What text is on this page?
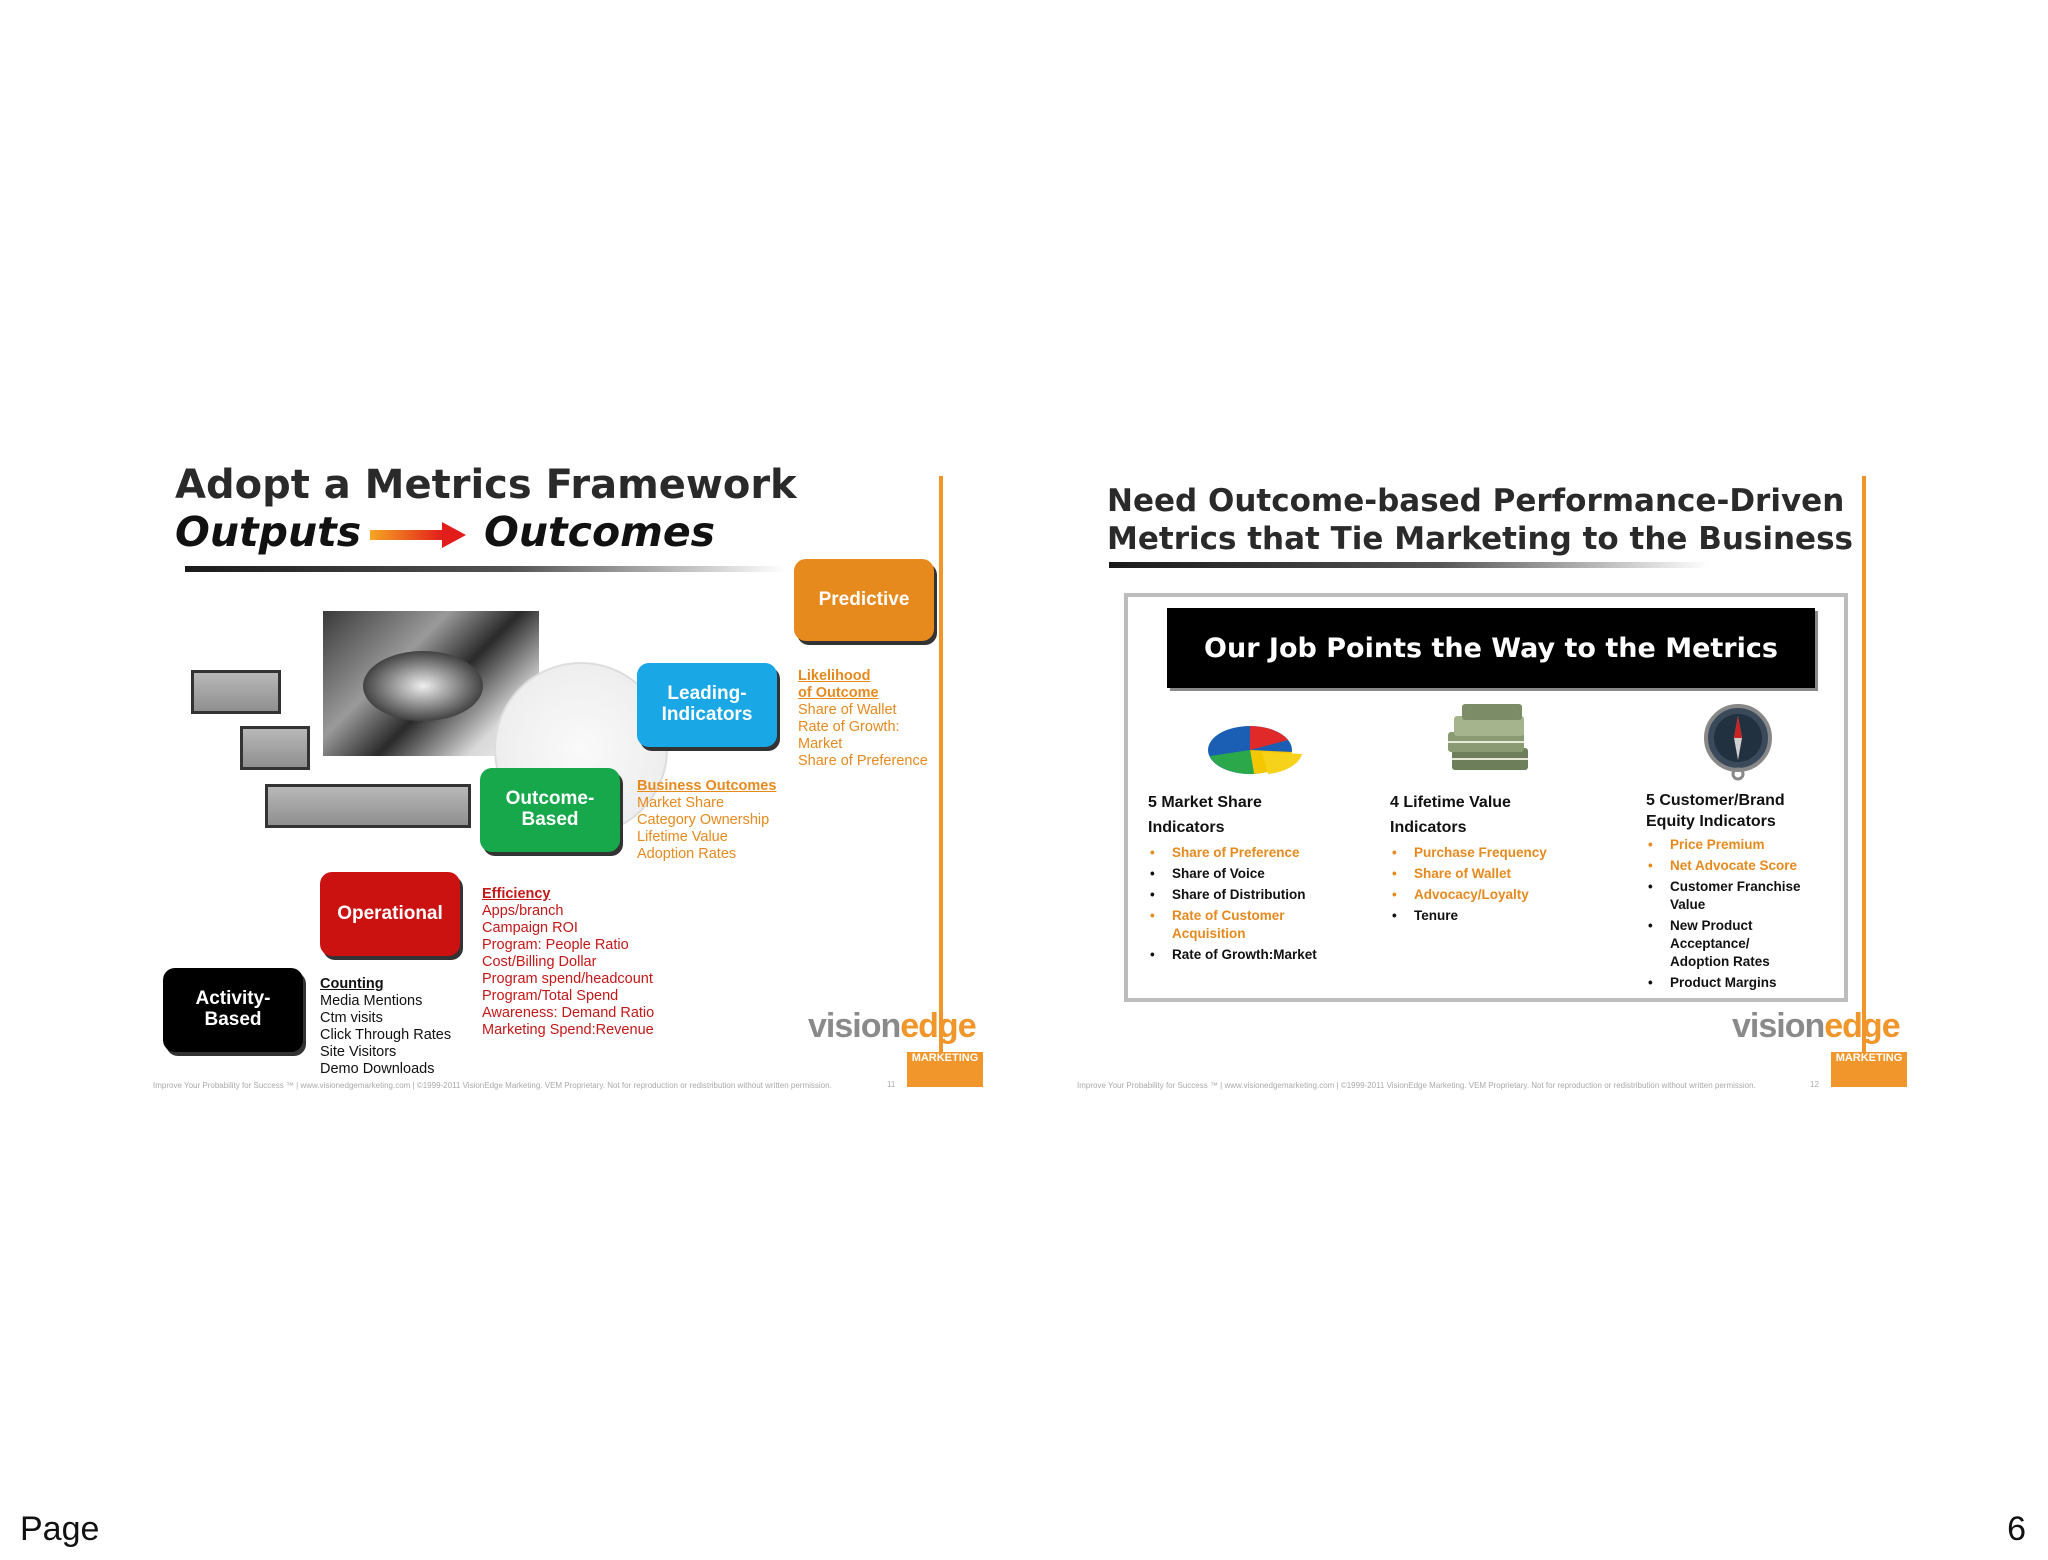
Adopt a Metrics Framework
Outputs	Outcomes
Predictive
Leading-
Indicators
Outcome-
Based
Operational
Activity-
Based
Likelihood
of Outcome
Share of Wallet
Rate of Growth:
Market
Share of Preference
Business Outcomes
Market Share
Category Ownership
Lifetime Value
Adoption Rates
Efficiency
Apps/branch
Campaign ROI
Program: People Ratio
Cost/Billing Dollar
Program spend/headcount
Program/Total Spend
Awareness: Demand Ratio
Marketing Spend:Revenue
Counting
Media Mentions
Ctm visits
Click Through Rates
Site Visitors
Demo Downloads
visionedge
MARKETING
Improve Your Probability for Success ™ | www.visionedgemarketing.com | ©1999-2011 VisionEdge Marketing. VEM Proprietary. Not for reproduction or redistribution without written permission.	11
Need Outcome-based Performance-Driven
Metrics that Tie Marketing to the Business
Our Job Points the Way to the Metrics
5 Market Share
Indicators
• Share of Preference
• Share of Voice
• Share of Distribution
• Rate of Customer Acquisition
• Rate of Growth:Market
4 Lifetime Value
Indicators
• Purchase Frequency
• Share of Wallet
• Advocacy/Loyalty
• Tenure
5 Customer/Brand
Equity Indicators
• Price Premium
• Net Advocate Score
• Customer Franchise Value
• New Product Acceptance/ Adoption Rates
• Product Margins
visionedge
MARKETING
Improve Your Probability for Success ™ | www.visionedgemarketing.com | ©1999-2011 VisionEdge Marketing. VEM Proprietary. Not for reproduction or redistribution without written permission.	12
Page	6
